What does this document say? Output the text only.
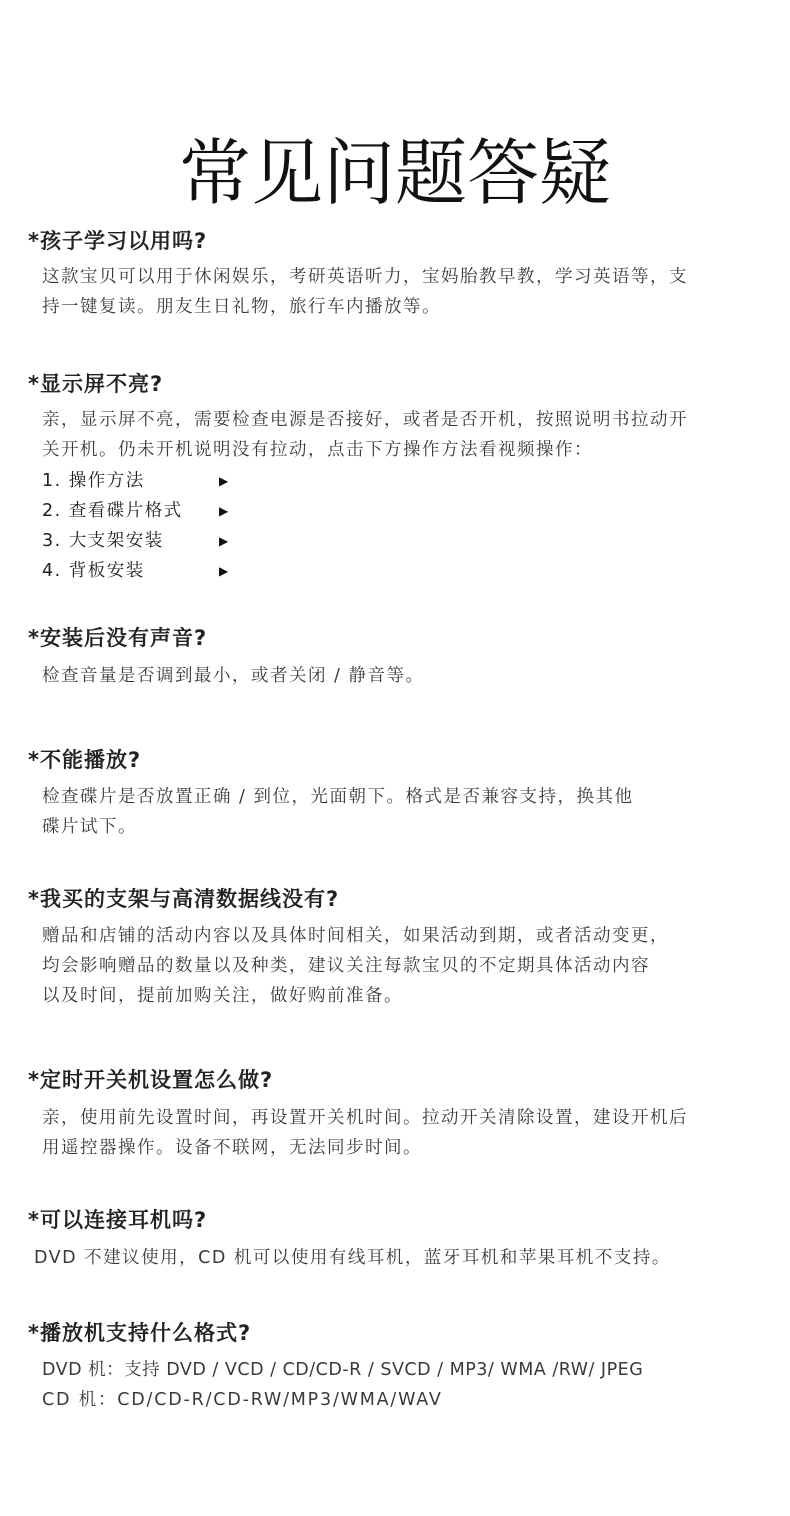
常见问题答疑
*孩子学习以用吗?

这款宝贝可以用于休闲娱乐，考研英语听力，宝妈胎教早教，学习英语等，支

持一键复读。朋友生日礼物，旅行车内播放等。

*显示屏不亮?

亲，显示屏不亮，需要检查电源是否接好，或者是否开机，按照说明书拉动开

关开机。仍未开机说明没有拉动，点击下方操作方法看视频操作：

1. 操作方法	▶
2. 查看碟片格式	▶
3. 大支架安装	▶
4. 背板安装	▶
*安装后没有声音?

检查音量是否调到最小，或者关闭 / 静音等。

*不能播放?

检查碟片是否放置正确 / 到位，光面朝下。格式是否兼容支持，换其他

碟片试下。

*我买的支架与高清数据线没有?

赠品和店铺的活动内容以及具体时间相关，如果活动到期，或者活动变更，

均会影响赠品的数量以及种类，建议关注每款宝贝的不定期具体活动内容

以及时间，提前加购关注，做好购前准备。

*定时开关机设置怎么做?

亲，使用前先设置时间，再设置开关机时间。拉动开关清除设置，建设开机后

用遥控器操作。设备不联网，无法同步时间。

*可以连接耳机吗?

DVD 不建议使用，CD 机可以使用有线耳机，蓝牙耳机和苹果耳机不支持。

*播放机支持什么格式?

DVD 机：支持 DVD / VCD / CD/CD-R / SVCD / MP3/ WMA /RW/ JPEG

CD 机：CD/CD-R/CD-RW/MP3/WMA/WAV
